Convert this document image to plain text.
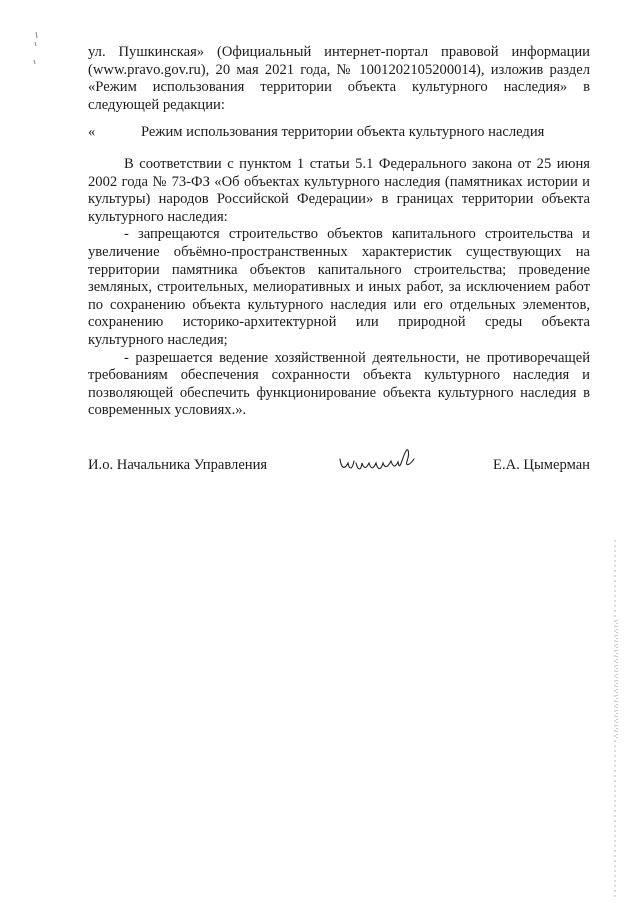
ул. Пушкинская» (Официальный интернет-портал правовой информации (www.pravo.gov.ru), 20 мая 2021 года, № 1001202105200014), изложив раздел «Режим использования территории объекта культурного наследия» в следующей редакции:

«	Режим использования территории объекта культурного наследия

В соответствии с пунктом 1 статьи 5.1 Федерального закона от 25 июня 2002 года № 73-ФЗ «Об объектах культурного наследия (памятниках истории и культуры) народов Российской Федерации» в границах территории объекта культурного наследия:

- запрещаются строительство объектов капитального строительства и увеличение объёмно-пространственных характеристик существующих на территории памятника объектов капитального строительства; проведение земляных, строительных, мелиоративных и иных работ, за исключением работ по сохранению объекта культурного наследия или его отдельных элементов, сохранению историко-архитектурной или природной среды объекта культурного наследия;

- разрешается ведение хозяйственной деятельности, не противоречащей требованиям обеспечения сохранности объекта культурного наследия и позволяющей обеспечить функционирование объекта культурного наследия в современных условиях.».

И.о. Начальника Управления	Е.А. Цымерман
